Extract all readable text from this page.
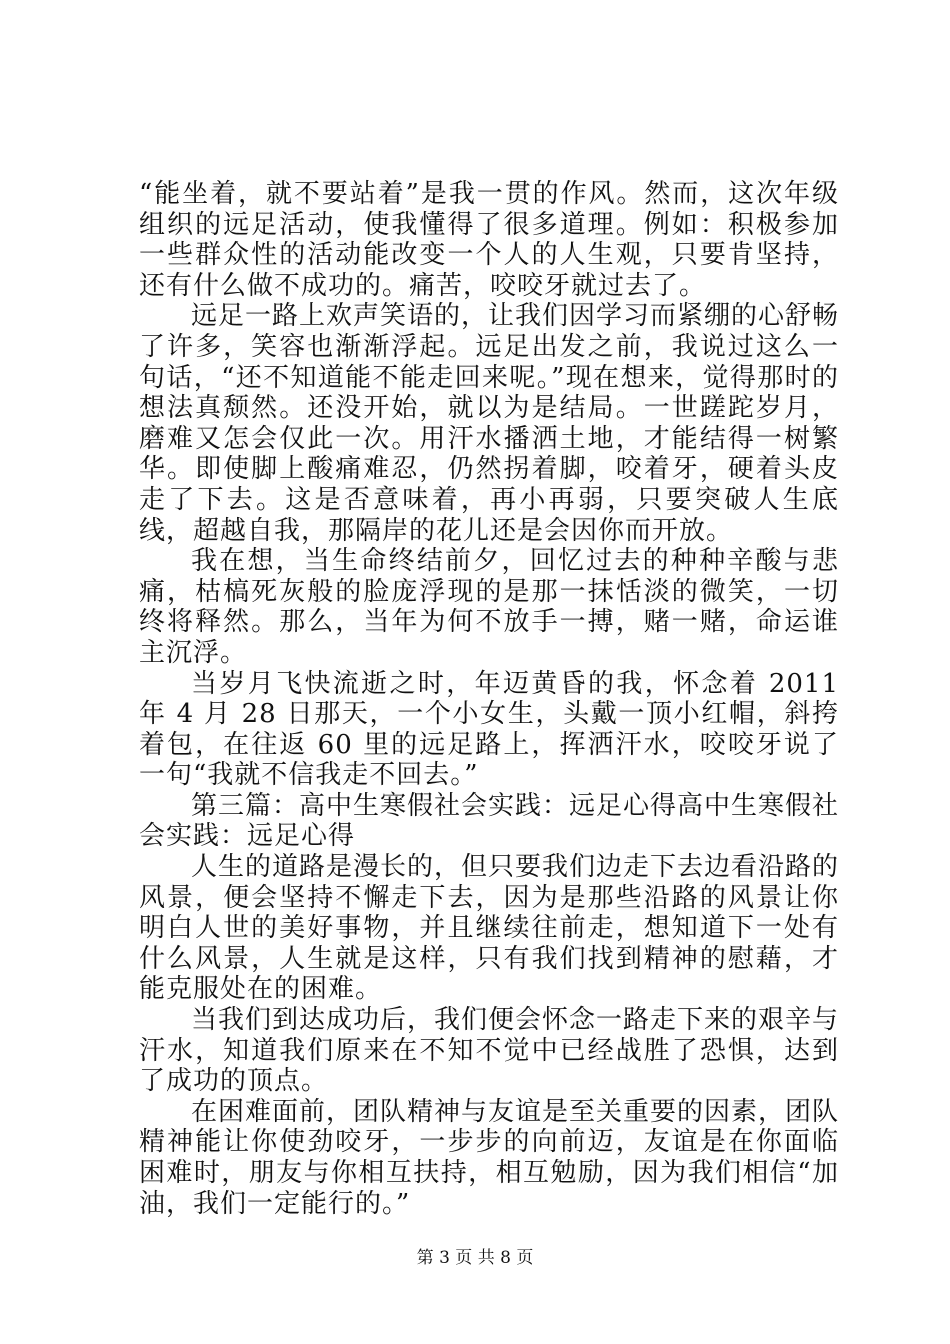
“能坐着，就不要站着”是我一贯的作风。然而，这次年级组织的远足活动，使我懂得了很多道理。例如：积极参加一些群众性的活动能改变一个人的人生观，只要肯坚持，还有什么做不成功的。痛苦，咬咬牙就过去了。

远足一路上欢声笑语的，让我们因学习而紧绷的心舒畅了许多，笑容也渐渐浮起。远足出发之前，我说过这么一句话，“还不知道能不能走回来呢。”现在想来，觉得那时的想法真颓然。还没开始，就以为是结局。一世蹉跎岁月，磨难又怎会仅此一次。用汗水播洒土地，才能结得一树繁华。即使脚上酸痛难忍，仍然拐着脚，咬着牙，硬着头皮走了下去。这是否意味着，再小再弱，只要突破人生底线，超越自我，那隔岸的花儿还是会因你而开放。

我在想，当生命终结前夕，回忆过去的种种辛酸与悲痛，枯槁死灰般的脸庞浮现的是那一抹恬淡的微笑，一切终将释然。那么，当年为何不放手一搏，赌一赌，命运谁主沉浮。

当岁月飞快流逝之时，年迈黄昏的我，怀念着 2011 年 4 月 28 日那天，一个小女生，头戴一顶小红帽，斜挎着包，在往返 60 里的远足路上，挥洒汗水，咬咬牙说了一句“我就不信我走不回去。”

第三篇：高中生寒假社会实践：远足心得高中生寒假社会实践：远足心得

人生的道路是漫长的，但只要我们边走下去边看沿路的风景，便会坚持不懈走下去，因为是那些沿路的风景让你明白人世的美好事物，并且继续往前走，想知道下一处有什么风景，人生就是这样，只有我们找到精神的慰藉，才能克服处在的困难。

当我们到达成功后，我们便会怀念一路走下来的艰辛与汗水，知道我们原来在不知不觉中已经战胜了恐惧，达到了成功的顶点。

在困难面前，团队精神与友谊是至关重要的因素，团队精神能让你使劲咬牙，一步步的向前迈，友谊是在你面临困难时，朋友与你相互扶持，相互勉励，因为我们相信“加油，我们一定能行的。”

第 3 页 共 8 页
